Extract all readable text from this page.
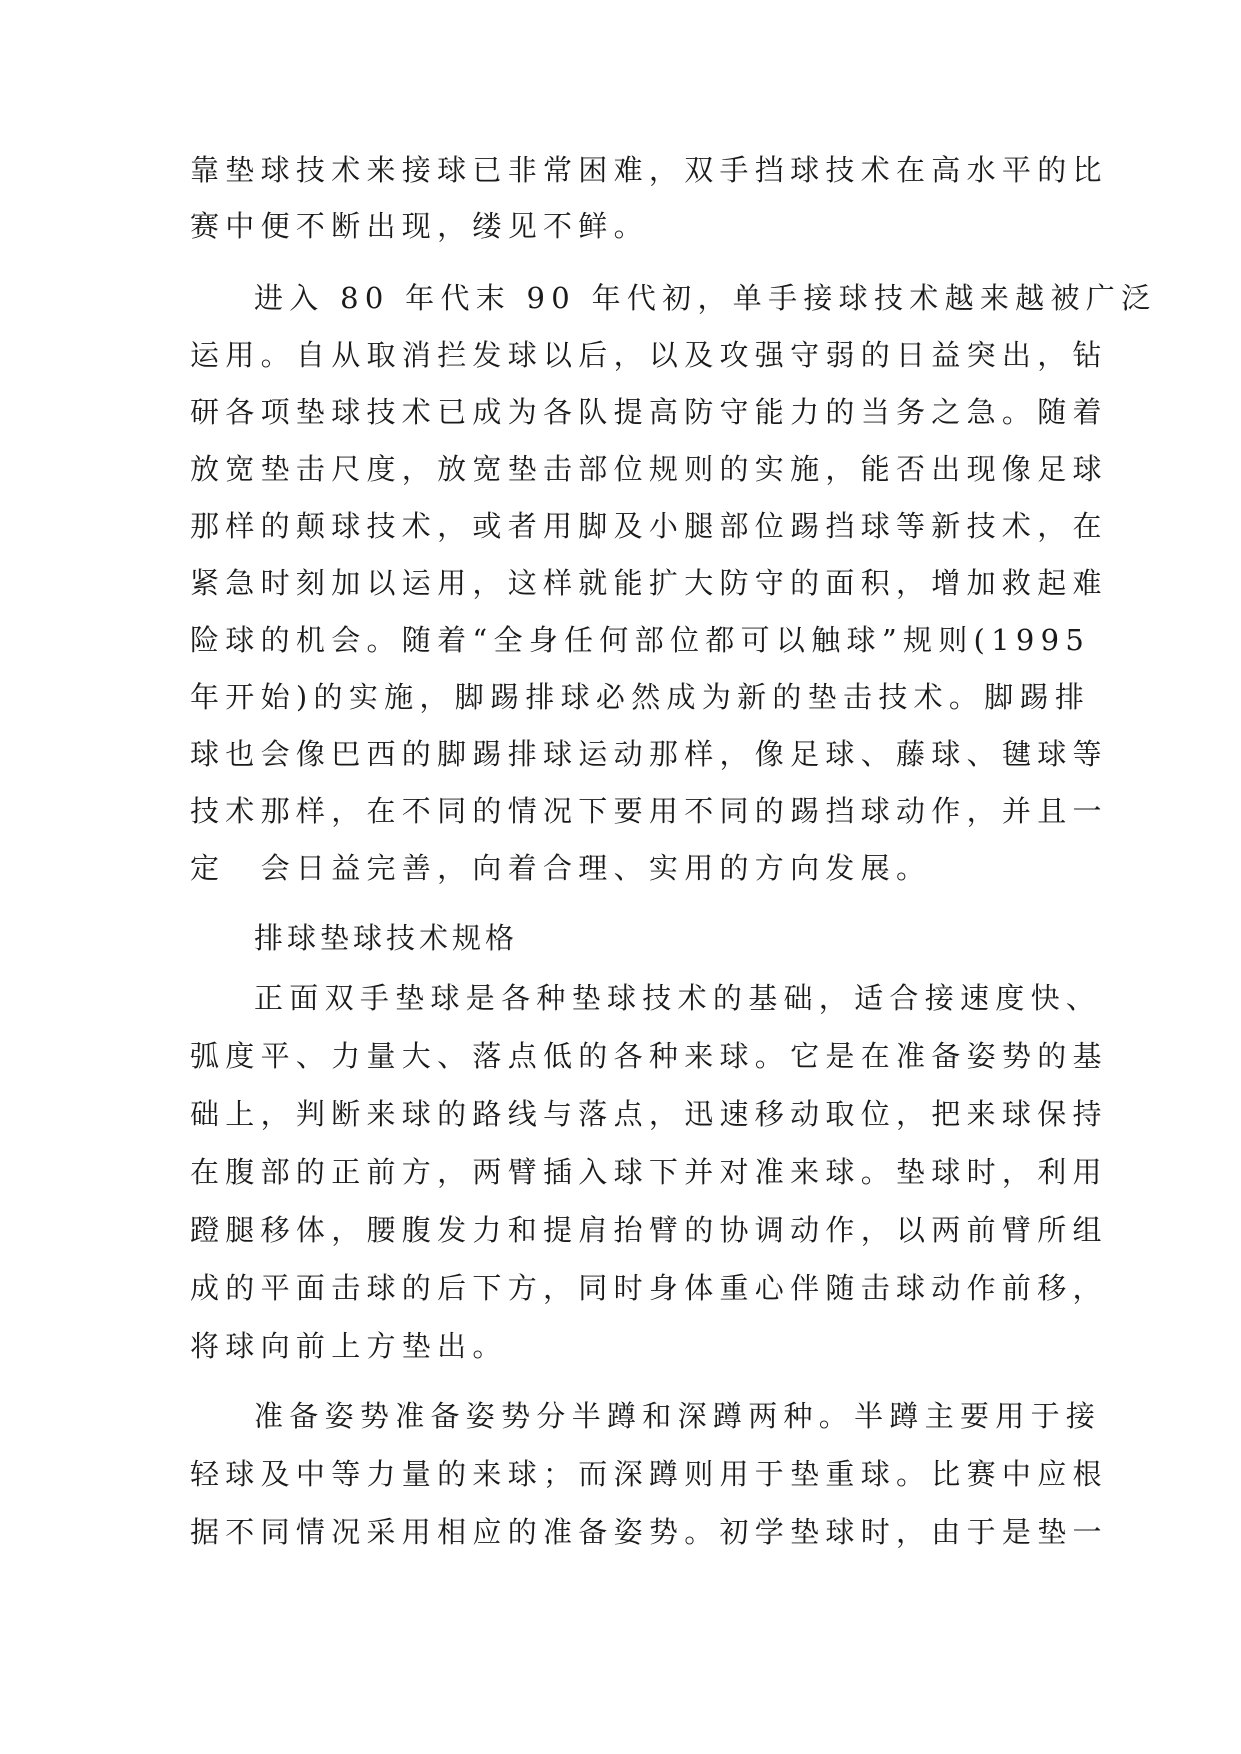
靠垫球技术来接球已非常困难，双手挡球技术在高水平的比

赛中便不断出现，缕见不鲜。

进入 80 年代末 90 年代初，单手接球技术越来越被广泛

运用。自从取消拦发球以后，以及攻强守弱的日益突出，钻

研各项垫球技术已成为各队提高防守能力的当务之急。随着

放宽垫击尺度，放宽垫击部位规则的实施，能否出现像足球

那样的颠球技术，或者用脚及小腿部位踢挡球等新技术，在

紧急时刻加以运用，这样就能扩大防守的面积，增加救起难

险球的机会。随着“全身任何部位都可以触球”规则(1995

年开始)的实施，脚踢排球必然成为新的垫击技术。脚踢排

球也会像巴西的脚踢排球运动那样，像足球、藤球、毽球等

技术那样，在不同的情况下要用不同的踢挡球动作，并且一

定　会日益完善，向着合理、实用的方向发展。

排球垫球技术规格

正面双手垫球是各种垫球技术的基础，适合接速度快、

弧度平、力量大、落点低的各种来球。它是在准备姿势的基

础上，判断来球的路线与落点，迅速移动取位，把来球保持

在腹部的正前方，两臂插入球下并对准来球。垫球时，利用

蹬腿移体，腰腹发力和提肩抬臂的协调动作，以两前臂所组

成的平面击球的后下方，同时身体重心伴随击球动作前移，

将球向前上方垫出。

准备姿势准备姿势分半蹲和深蹲两种。半蹲主要用于接

轻球及中等力量的来球；而深蹲则用于垫重球。比赛中应根

据不同情况采用相应的准备姿势。初学垫球时，由于是垫一
